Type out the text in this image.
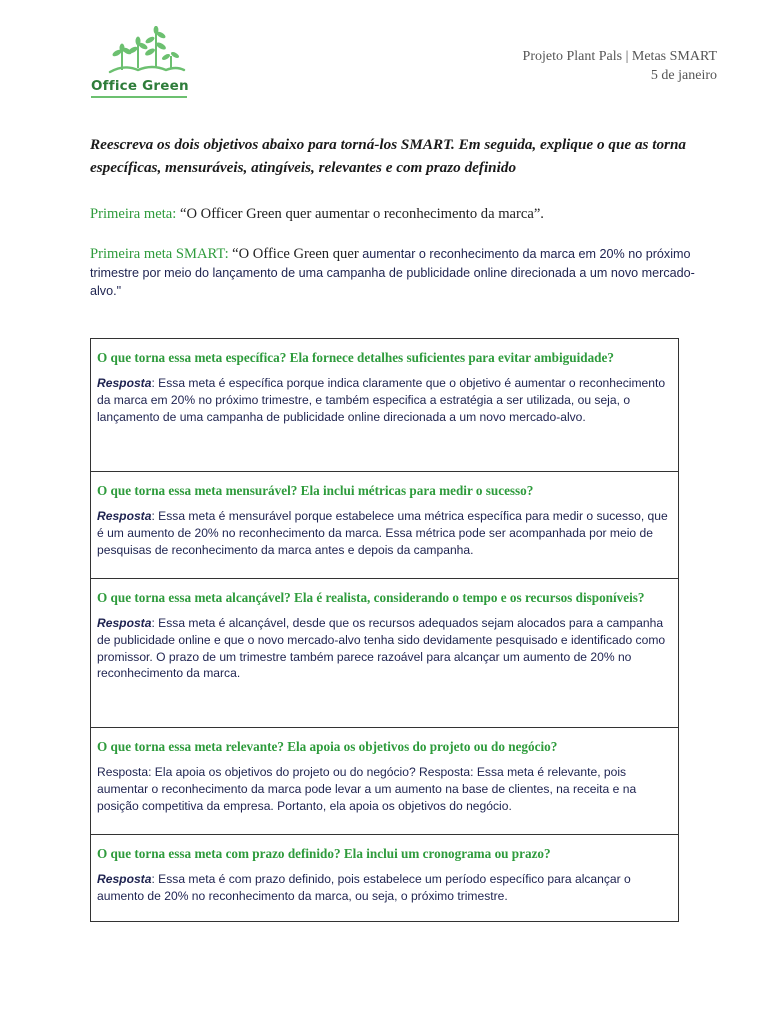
Office Green
Projeto Plant Pals | Metas SMART
5 de janeiro
Reescreva os dois objetivos abaixo para torná-los SMART. Em seguida, explique o que as torna específicas, mensuráveis, atingíveis, relevantes e com prazo definido
Primeira meta: “O Officer Green quer aumentar o reconhecimento da marca”.
Primeira meta SMART: “O Office Green quer aumentar o reconhecimento da marca em 20% no próximo trimestre por meio do lançamento de uma campanha de publicidade online direcionada a um novo mercado-alvo."
O que torna essa meta específica? Ela fornece detalhes suficientes para evitar ambiguidade?
Resposta: Essa meta é específica porque indica claramente que o objetivo é aumentar o reconhecimento da marca em 20% no próximo trimestre, e também especifica a estratégia a ser utilizada, ou seja, o lançamento de uma campanha de publicidade online direcionada a um novo mercado-alvo.

O que torna essa meta mensurável? Ela inclui métricas para medir o sucesso?
Resposta: Essa meta é mensurável porque estabelece uma métrica específica para medir o sucesso, que é um aumento de 20% no reconhecimento da marca. Essa métrica pode ser acompanhada por meio de pesquisas de reconhecimento da marca antes e depois da campanha.

O que torna essa meta alcançável? Ela é realista, considerando o tempo e os recursos disponíveis?
Resposta: Essa meta é alcançável, desde que os recursos adequados sejam alocados para a campanha de publicidade online e que o novo mercado-alvo tenha sido devidamente pesquisado e identificado como promissor. O prazo de um trimestre também parece razoável para alcançar um aumento de 20% no reconhecimento da marca.

O que torna essa meta relevante? Ela apoia os objetivos do projeto ou do negócio?
Resposta: Ela apoia os objetivos do projeto ou do negócio? Resposta: Essa meta é relevante, pois aumentar o reconhecimento da marca pode levar a um aumento na base de clientes, na receita e na posição competitiva da empresa. Portanto, ela apoia os objetivos do negócio.

O que torna essa meta com prazo definido? Ela inclui um cronograma ou prazo?
Resposta: Essa meta é com prazo definido, pois estabelece um período específico para alcançar o aumento de 20% no reconhecimento da marca, ou seja, o próximo trimestre.
